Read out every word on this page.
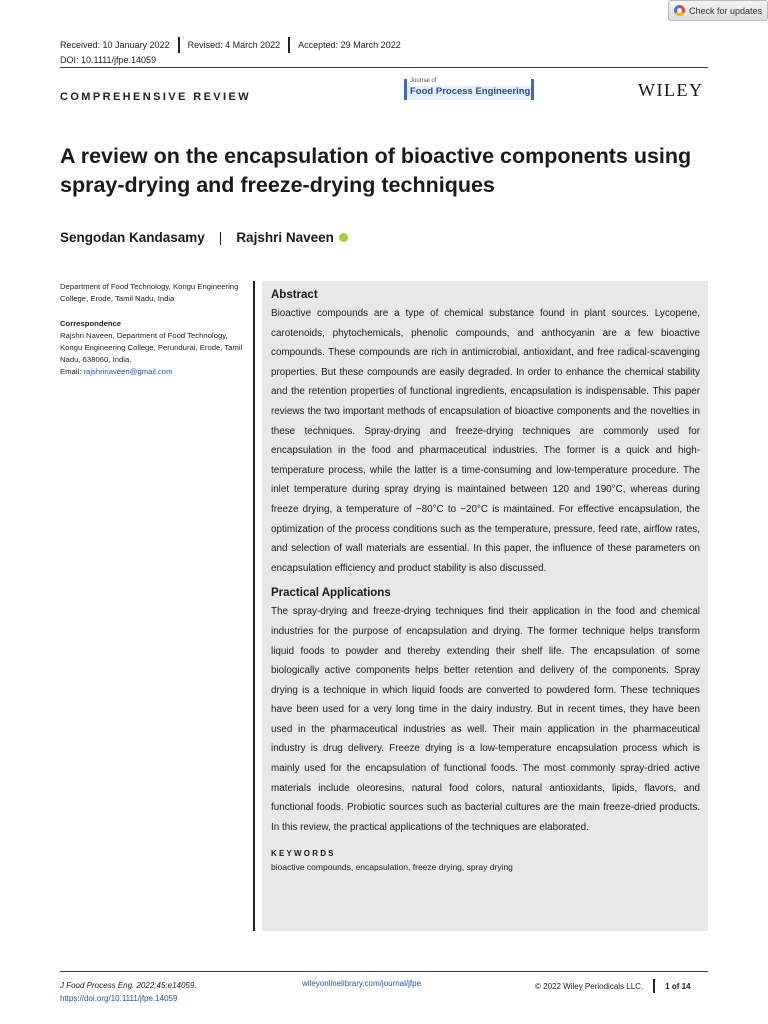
Check for updates
Received: 10 January 2022 Revised: 4 March 2022 Accepted: 29 March 2022
DOI: 10.1111/jfpe.14059
COMPREHENSIVE REVIEW
Journal of
Food Process Engineering	WILEY
A review on the encapsulation of bioactive components using spray-drying and freeze-drying techniques
Sengodan Kandasamy | Rajshri Naveen

Department of Food Technology, Kongu Engineering College, Erode, Tamil Nadu, India

Correspondence

Rajshri Naveen, Department of Food Technology, Kongu Engineering College, Perundurai, Erode, Tamil Nadu, 638060, India.

Email: rajshrinaveen@gmail.com

Abstract

Bioactive compounds are a type of chemical substance found in plant sources. Lycopene, carotenoids, phytochemicals, phenolic compounds, and anthocyanin are a few bioactive compounds. These compounds are rich in antimicrobial, antioxidant, and free radical-scavenging properties. But these compounds are easily degraded. In order to enhance the chemical stability and the retention properties of functional ingredients, encapsulation is indispensable. This paper reviews the two important methods of encapsulation of bioactive components and the novelties in these techniques. Spray-drying and freeze-drying techniques are commonly used for encapsulation in the food and pharmaceutical industries. The former is a quick and high-temperature process, while the latter is a time-consuming and low-temperature procedure. The inlet temperature during spray drying is maintained between 120 and 190°C, whereas during freeze drying, a temperature of −80°C to −20°C is maintained. For effective encapsulation, the optimization of the process conditions such as the temperature, pressure, feed rate, airflow rates, and selection of wall materials are essential. In this paper, the influence of these parameters on encapsulation efficiency and product stability is also discussed.

Practical Applications

The spray-drying and freeze-drying techniques find their application in the food and chemical industries for the purpose of encapsulation and drying. The former technique helps transform liquid foods to powder and thereby extending their shelf life. The encapsulation of some biologically active components helps better retention and delivery of the components. Spray drying is a technique in which liquid foods are converted to powdered form. These techniques have been used for a very long time in the dairy industry. But in recent times, they have been used in the pharmaceutical industries as well. Their main application in the pharmaceutical industry is drug delivery. Freeze drying is a low-temperature encapsulation process which is mainly used for the encapsulation of functional foods. The most commonly spray-dried active materials include oleoresins, natural food colors, natural antioxidants, lipids, flavors, and functional foods. Probiotic sources such as bacterial cultures are the main freeze-dried products. In this review, the practical applications of the techniques are elaborated.

KEYWORDS
bioactive compounds, encapsulation, freeze drying, spray drying
J Food Process Eng. 2022;45:e14059.
https://doi.org/10.1111/jfpe.14059
wileyonlinelibrary.com/journal/jfpe	© 2022 Wiley Periodicals LLC.	1 of 14
